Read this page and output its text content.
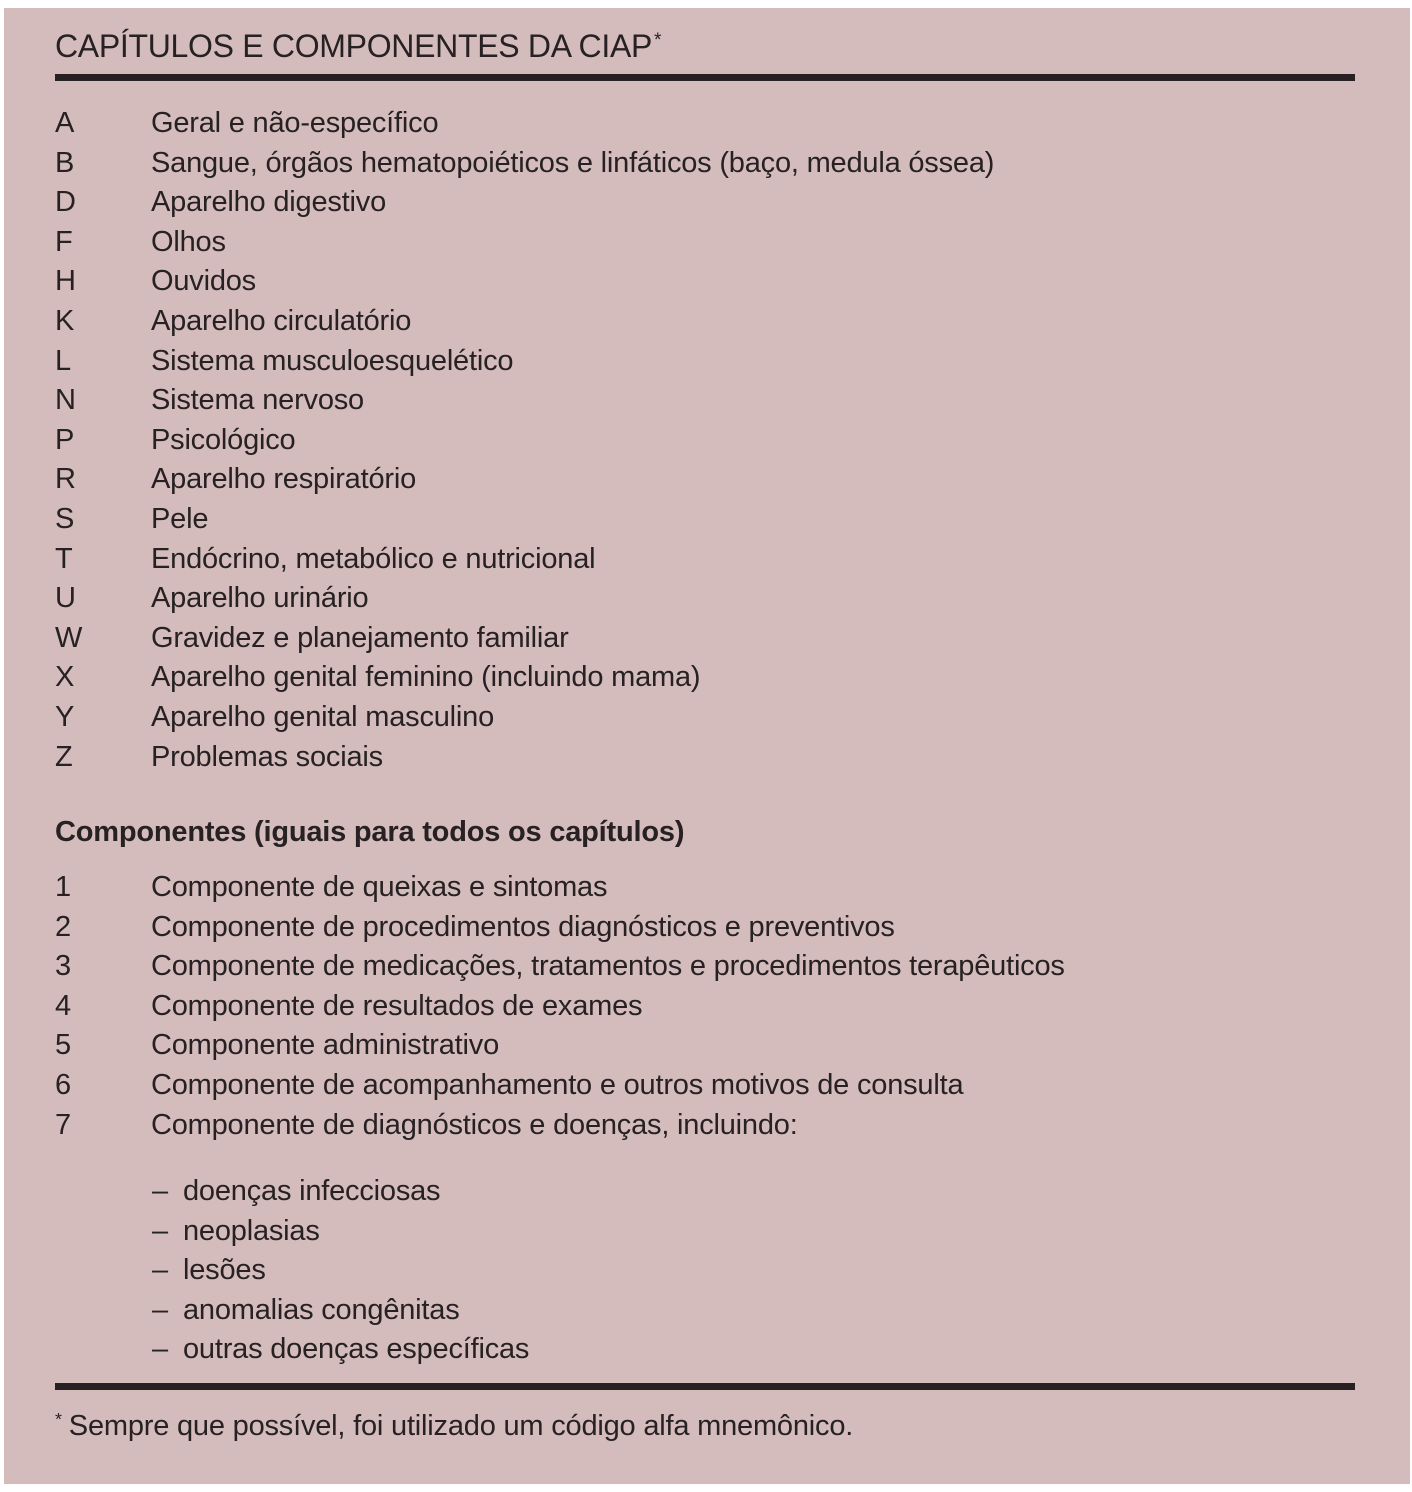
CAPÍTULOS E COMPONENTES DA CIAP *
A	Geral e não-específico
B	Sangue, órgãos hematopoiéticos e linfáticos (baço, medula óssea)
D	Aparelho digestivo
F	Olhos
H	Ouvidos
K	Aparelho circulatório
L	Sistema musculoesquelético
N	Sistema nervoso
P	Psicológico
R	Aparelho respiratório
S	Pele
T	Endócrino, metabólico e nutricional
U	Aparelho urinário
W	Gravidez e planejamento familiar
X	Aparelho genital feminino (incluindo mama)
Y	Aparelho genital masculino
Z	Problemas sociais
Componentes (iguais para todos os capítulos)
1	Componente de queixas e sintomas
2	Componente de procedimentos diagnósticos e preventivos
3	Componente de medicações, tratamentos e procedimentos terapêuticos
4	Componente de resultados de exames
5	Componente administrativo
6	Componente de acompanhamento e outros motivos de consulta
7	Componente de diagnósticos e doenças, incluindo:
– doenças infecciosas
– neoplasias
– lesões
– anomalias congênitas
– outras doenças específicas
* Sempre que possível, foi utilizado um código alfa mnemônico.
